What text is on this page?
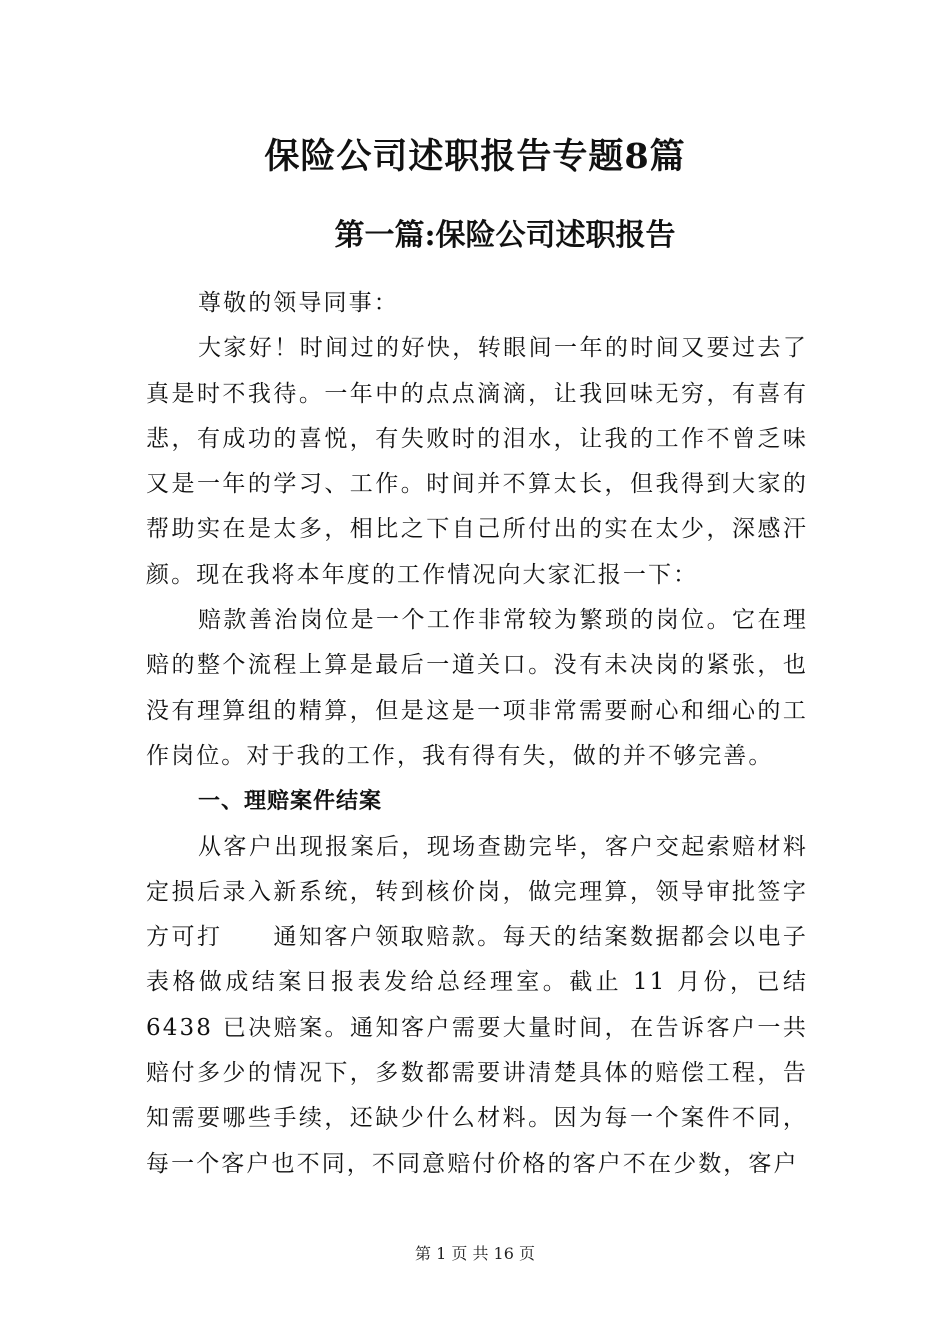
保险公司述职报告专题8篇
第一篇:保险公司述职报告

尊敬的领导同事：

大家好！时间过的好快，转眼间一年的时间又要过去了真是时不我待。一年中的点点滴滴，让我回味无穷，有喜有悲，有成功的喜悦，有失败时的泪水，让我的工作不曾乏味又是一年的学习、工作。时间并不算太长，但我得到大家的帮助实在是太多，相比之下自己所付出的实在太少，深感汗颜。现在我将本年度的工作情况向大家汇报一下：

赔款善治岗位是一个工作非常较为繁琐的岗位。它在理赔的整个流程上算是最后一道关口。没有未决岗的紧张，也没有理算组的精算，但是这是一项非常需要耐心和细心的工作岗位。对于我的工作，我有得有失，做的并不够完善。

一、理赔案件结案

从客户出现报案后，现场查勘完毕，客户交起索赔材料定损后录入新系统，转到核价岗，做完理算，领导审批签字方可打　　通知客户领取赔款。每天的结案数据都会以电子表格做成结案日报表发给总经理室。截止 11 月份，已结 6438 已决赔案。通知客户需要大量时间，在告诉客户一共赔付多少的情况下，多数都需要讲清楚具体的赔偿工程，告知需要哪些手续，还缺少什么材料。因为每一个案件不同，每一个客户也不同，不同意赔付价格的客户不在少数，客户

第 1 页 共 16 页
